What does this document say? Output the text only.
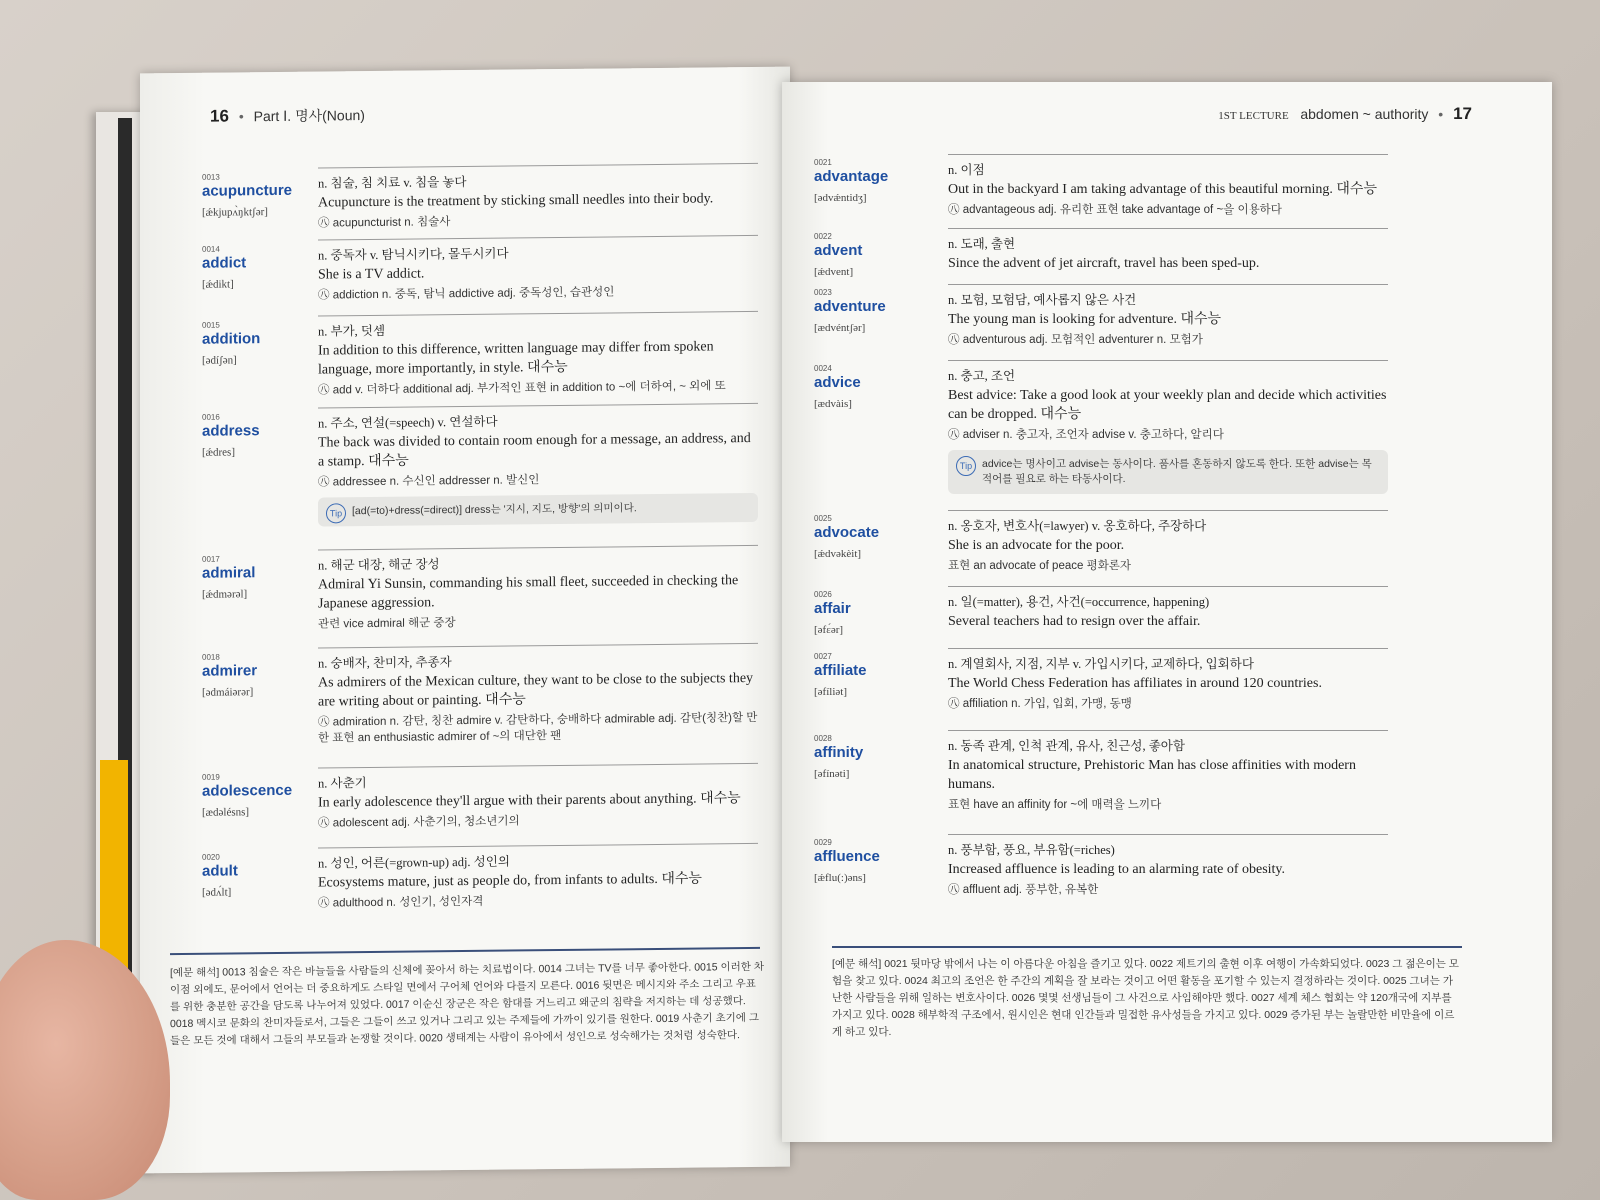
16 • Part Ⅰ. 명사(Noun)
0013
acupuncture
[ǽkjupʌ̀ŋktʃər]
n. 침술, 침 치료 v. 침을 놓다
Acupuncture is the treatment by sticking small needles into their body.
㊇ acupuncturist n. 침술사
0014
addict
[ǽdikt]
n. 중독자 v. 탐닉시키다, 몰두시키다
She is a TV addict.
㊇ addiction n. 중독, 탐닉 addictive adj. 중독성인, 습관성인
0015
addition
[ədíʃən]
n. 부가, 덧셈
In addition to this difference, written language may differ from spoken language, more importantly, in style. 대수능
㊇ add v. 더하다 additional adj. 부가적인 표현 in addition to ~에 더하여, ~ 외에 또
0016
address
[ǽdres]
n. 주소, 연설(=speech) v. 연설하다
The back was divided to contain room enough for a message, an address, and a stamp. 대수능
㊇ addressee n. 수신인 addresser n. 발신인
Tip [ad(=to)+dress(=direct)] dress는 '지시, 지도, 방향'의 의미이다.
0017
admiral
[ǽdmərəl]
n. 해군 대장, 해군 장성
Admiral Yi Sunsin, commanding his small fleet, succeeded in checking the Japanese aggression.
관련 vice admiral 해군 중장
0018
admirer
[ədmáiərər]
n. 숭배자, 찬미자, 추종자
As admirers of the Mexican culture, they want to be close to the subjects they are writing about or painting. 대수능
㊇ admiration n. 감탄, 칭찬 admire v. 감탄하다, 숭배하다 admirable adj. 감탄(칭찬)할 만한 표현 an enthusiastic admirer of ~의 대단한 팬
0019
adolescence
[ӕdəlésns]
n. 사춘기
In early adolescence they'll argue with their parents about anything. 대수능
㊇ adolescent adj. 사춘기의, 청소년기의
0020
adult
[ədʌ́lt]
n. 성인, 어른(=grown-up) adj. 성인의
Ecosystems mature, just as people do, from infants to adults. 대수능
㊇ adulthood n. 성인기, 성인자격
[예문 해석] 0013 침술은 작은 바늘들을 사람들의 신체에 꽂아서 하는 치료법이다. 0014 그녀는 TV를 너무 좋아한다. 0015 이러한 차이점 외에도, 문어에서 언어는 더 중요하게도 스타일 면에서 구어체 언어와 다를지 모른다. 0016 뒷면은 메시지와 주소 그리고 우표를 위한 충분한 공간을 담도록 나누어져 있었다. 0017 이순신 장군은 작은 함대를 거느리고 왜군의 침략을 저지하는 데 성공했다. 0018 멕시코 문화의 찬미자들로서, 그들은 그들이 쓰고 있거나 그리고 있는 주제들에 가까이 있기를 원한다. 0019 사춘기 초기에 그들은 모든 것에 대해서 그들의 부모들과 논쟁할 것이다. 0020 생태계는 사람이 유아에서 성인으로 성숙해가는 것처럼 성숙한다.
1ST LECTURE abdomen ~ authority • 17
0021
advantage
[ədvǽntidʒ]
n. 이점
Out in the backyard I am taking advantage of this beautiful morning. 대수능
㊇ advantageous adj. 유리한 표현 take advantage of ~을 이용하다
0022
advent
[ǽdvent]
n. 도래, 출현
Since the advent of jet aircraft, travel has been sped-up.
0023
adventure
[ædvéntʃər]
n. 모험, 모험담, 예사롭지 않은 사건
The young man is looking for adventure. 대수능
㊇ adventurous adj. 모험적인 adventurer n. 모험가
0024
advice
[ædvàis]
n. 충고, 조언
Best advice: Take a good look at your weekly plan and decide which activities can be dropped. 대수능
㊇ adviser n. 충고자, 조언자 advise v. 충고하다, 알리다
Tip advice는 명사이고 advise는 동사이다. 품사를 혼동하지 않도록 한다. 또한 advise는 목적어를 필요로 하는 타동사이다.
0025
advocate
[ǽdvəkèit]
n. 옹호자, 변호사(=lawyer) v. 옹호하다, 주장하다
She is an advocate for the poor.
표현 an advocate of peace 평화론자
0026
affair
[əfɛ́ər]
n. 일(=matter), 용건, 사건(=occurrence, happening)
Several teachers had to resign over the affair.
0027
affiliate
[əfíliət]
n. 계열회사, 지점, 지부 v. 가입시키다, 교제하다, 입회하다
The World Chess Federation has affiliates in around 120 countries.
㊇ affiliation n. 가입, 입회, 가맹, 동맹
0028
affinity
[əfínəti]
n. 동족 관계, 인척 관계, 유사, 친근성, 좋아함
In anatomical structure, Prehistoric Man has close affinities with modern humans.
표현 have an affinity for ~에 매력을 느끼다
0029
affluence
[ǽflu(:)əns]
n. 풍부함, 풍요, 부유함(=riches)
Increased affluence is leading to an alarming rate of obesity.
㊇ affluent adj. 풍부한, 유복한
[예문 해석] 0021 뒷마당 밖에서 나는 이 아름다운 아침을 즐기고 있다. 0022 제트기의 출현 이후 여행이 가속화되었다. 0023 그 젊은이는 모험을 찾고 있다. 0024 최고의 조언은 한 주간의 계획을 잘 보라는 것이고 어떤 활동을 포기할 수 있는지 결정하라는 것이다. 0025 그녀는 가난한 사람들을 위해 일하는 변호사이다. 0026 몇몇 선생님들이 그 사건으로 사임해야만 했다. 0027 세계 체스 협회는 약 120개국에 지부를 가지고 있다. 0028 해부학적 구조에서, 원시인은 현대 인간들과 밀접한 유사성들을 가지고 있다. 0029 증가된 부는 놀랄만한 비만율에 이르게 하고 있다.
